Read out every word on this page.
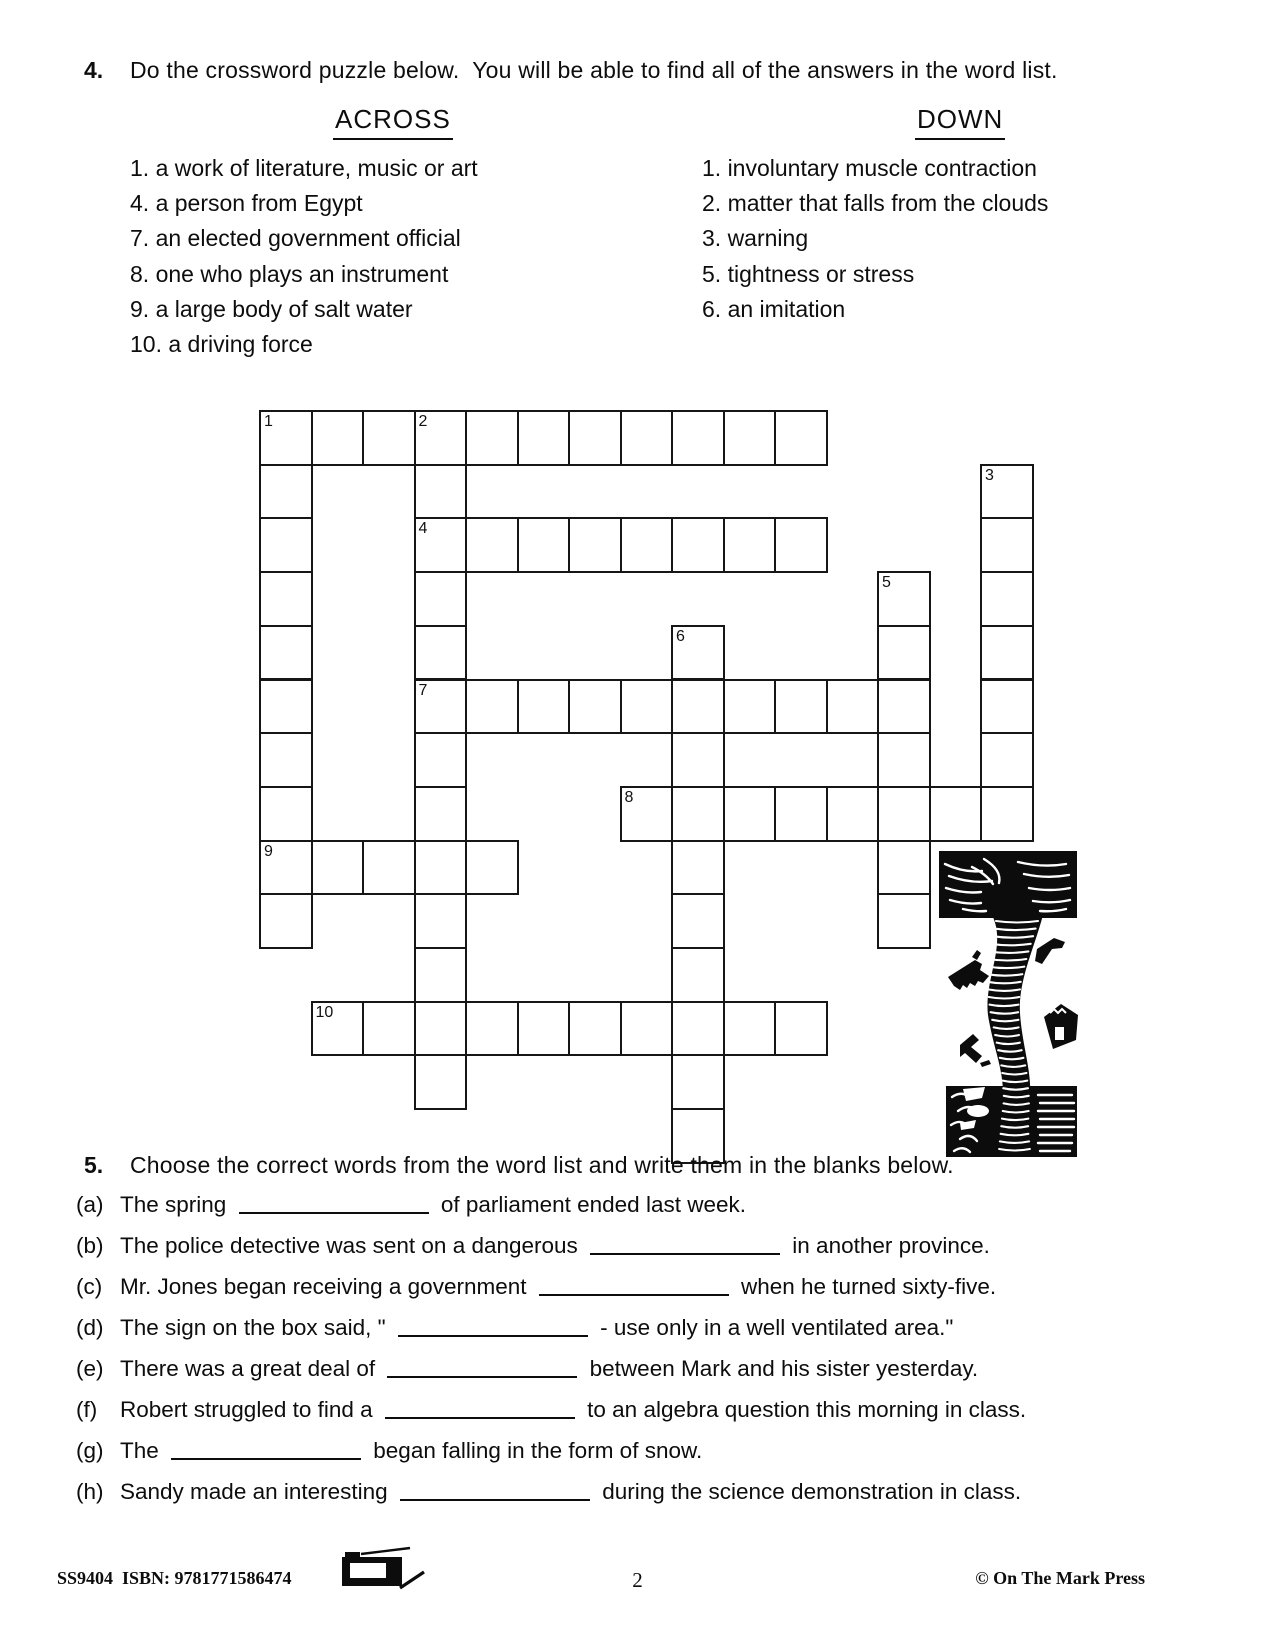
4. Do the crossword puzzle below.  You will be able to find all of the answers in the word list.
ACROSS	DOWN
1. a work of literature, music or art
4. a person from Egypt
7. an elected government official
8. one who plays an instrument
9. a large body of salt water
10. a driving force
1. involuntary muscle contraction
2. matter that falls from the clouds
3. warning
5. tightness or stress
6. an imitation
1	2
3
4
5
6
7
8
9
10
5. Choose the correct words from the word list and write them in the blanks below.
(a) The spring	of parliament ended last week.
(b) The police detective was sent on a dangerous	in another province.
(c) Mr. Jones began receiving a government	when he turned sixty-five.
(d) The sign on the box said, "	- use only in a well ventilated area."
(e) There was a great deal of	between Mark and his sister yesterday.
(f) Robert struggled to find a	to an algebra question this morning in class.
(g) The	began falling in the form of snow.
(h) Sandy made an interesting	during the science demonstration in class.
SS9404  ISBN: 9781771586474	2	© On The Mark Press
